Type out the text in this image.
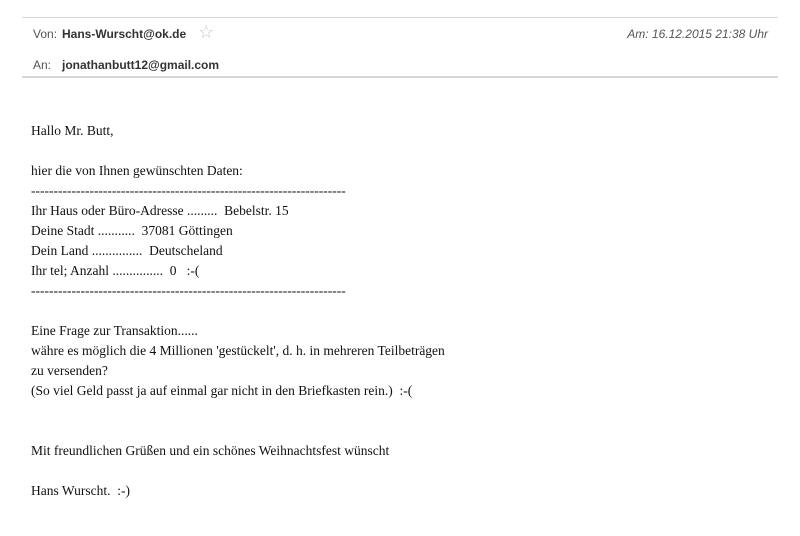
Von: Hans-Wurscht@ok.de ☆	Am: 16.12.2015 21:38 Uhr
An: jonathanbutt12@gmail.com
Hallo Mr. Butt,
hier die von Ihnen gewünschten Daten:
----------------------------------------------------------------------
Ihr Haus oder Büro-Adresse .........  Bebelstr. 15
Deine Stadt ...........  37081 Göttingen
Dein Land ...............  Deutscheland
Ihr tel; Anzahl ...............  0   :-(
----------------------------------------------------------------------
Eine Frage zur Transaktion......
währe es möglich die 4 Millionen 'gestückelt', d. h. in mehreren Teilbeträgen
zu versenden?
(So viel Geld passt ja auf einmal gar nicht in den Briefkasten rein.)  :-(
Mit freundlichen Grüßen und ein schönes Weihnachtsfest wünscht
Hans Wurscht.  :-)
